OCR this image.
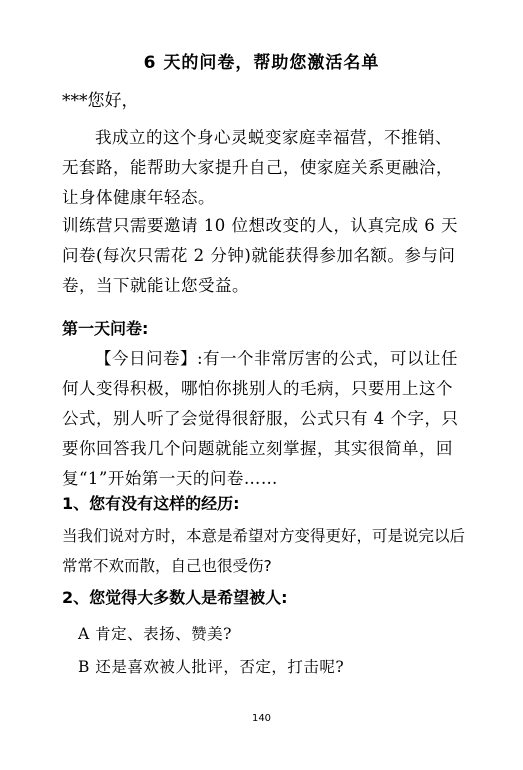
6 天的问卷，帮助您激活名单
***您好，

我成立的这个身心灵蜕变家庭幸福营，不推销、无套路，能帮助大家提升自己，使家庭关系更融洽，让身体健康年轻态。

训练营只需要邀请 10 位想改变的人，认真完成 6 天问卷(每次只需花 2 分钟)就能获得参加名额。参与问卷，当下就能让您受益。

第一天问卷:

【今日问卷】:有一个非常厉害的公式，可以让任何人变得积极，哪怕你挑别人的毛病，只要用上这个公式，别人听了会觉得很舒服，公式只有 4 个字，只要你回答我几个问题就能立刻掌握，其实很简单，回复“1”开始第一天的问卷……

1、您有没有这样的经历:

当我们说对方时，本意是希望对方变得更好，可是说完以后常常不欢而散，自己也很受伤?

2、您觉得大多数人是希望被人:
A 肯定、表扬、赞美?
B 还是喜欢被人批评，否定，打击呢?
140
